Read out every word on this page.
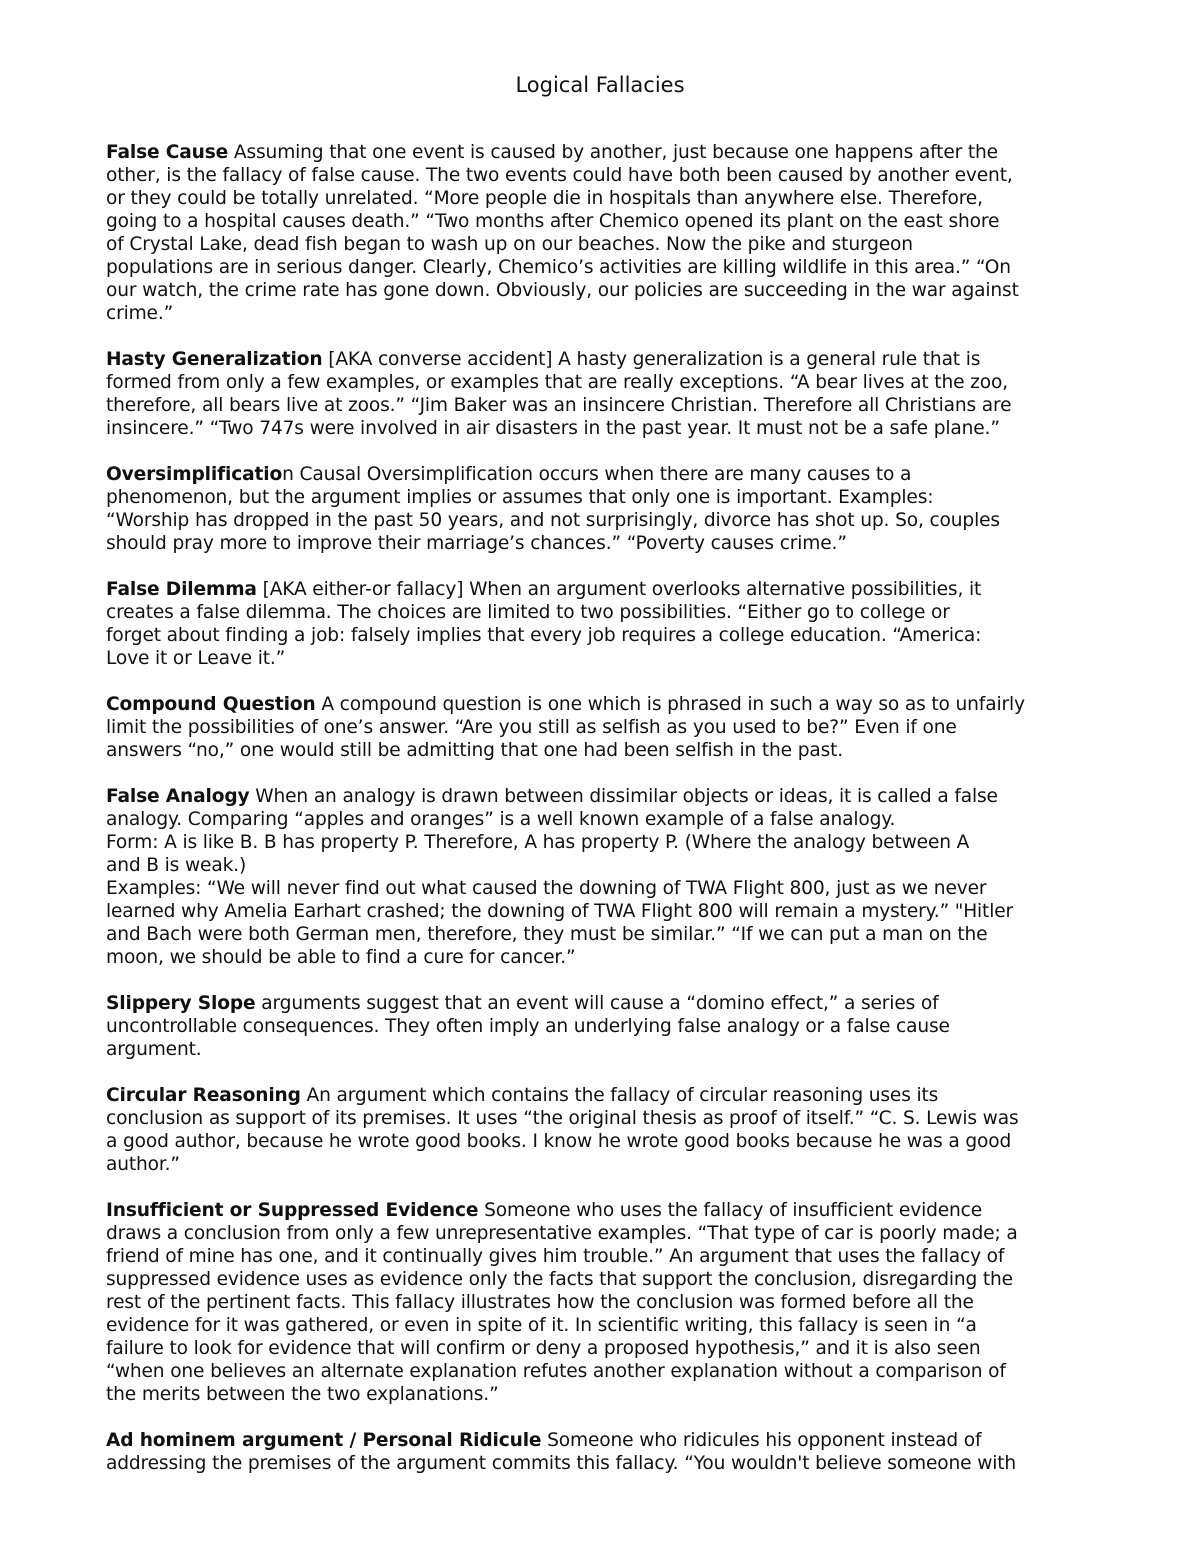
Logical Fallacies

False Cause Assuming that one event is caused by another, just because one happens after the
other, is the fallacy of false cause. The two events could have both been caused by another event,
or they could be totally unrelated. “More people die in hospitals than anywhere else. Therefore,
going to a hospital causes death.” “Two months after Chemico opened its plant on the east shore
of Crystal Lake, dead fish began to wash up on our beaches. Now the pike and sturgeon
populations are in serious danger. Clearly, Chemico’s activities are killing wildlife in this area.” “On
our watch, the crime rate has gone down. Obviously, our policies are succeeding in the war against
crime.”

Hasty Generalization [AKA converse accident] A hasty generalization is a general rule that is
formed from only a few examples, or examples that are really exceptions. “A bear lives at the zoo,
therefore, all bears live at zoos.” “Jim Baker was an insincere Christian. Therefore all Christians are
insincere.” “Two 747s were involved in air disasters in the past year. It must not be a safe plane.”

Oversimplification Causal Oversimplification occurs when there are many causes to a
phenomenon, but the argument implies or assumes that only one is important. Examples:
“Worship has dropped in the past 50 years, and not surprisingly, divorce has shot up. So, couples
should pray more to improve their marriage’s chances.” “Poverty causes crime.”

False Dilemma [AKA either-or fallacy] When an argument overlooks alternative possibilities, it
creates a false dilemma. The choices are limited to two possibilities. “Either go to college or
forget about finding a job: falsely implies that every job requires a college education. “America:
Love it or Leave it.”

Compound Question A compound question is one which is phrased in such a way so as to unfairly
limit the possibilities of one’s answer. “Are you still as selfish as you used to be?” Even if one
answers “no,” one would still be admitting that one had been selfish in the past.

False Analogy When an analogy is drawn between dissimilar objects or ideas, it is called a false
analogy. Comparing “apples and oranges” is a well known example of a false analogy.
Form: A is like B. B has property P. Therefore, A has property P. (Where the analogy between A
and B is weak.)
Examples: “We will never find out what caused the downing of TWA Flight 800, just as we never
learned why Amelia Earhart crashed; the downing of TWA Flight 800 will remain a mystery.” "Hitler
and Bach were both German men, therefore, they must be similar.” “If we can put a man on the
moon, we should be able to find a cure for cancer.”

Slippery Slope arguments suggest that an event will cause a “domino effect,” a series of
uncontrollable consequences. They often imply an underlying false analogy or a false cause
argument.

Circular Reasoning An argument which contains the fallacy of circular reasoning uses its
conclusion as support of its premises. It uses “the original thesis as proof of itself.” “C. S. Lewis was
a good author, because he wrote good books. I know he wrote good books because he was a good
author.”

Insufficient or Suppressed Evidence Someone who uses the fallacy of insufficient evidence
draws a conclusion from only a few unrepresentative examples. “That type of car is poorly made; a
friend of mine has one, and it continually gives him trouble.” An argument that uses the fallacy of
suppressed evidence uses as evidence only the facts that support the conclusion, disregarding the
rest of the pertinent facts. This fallacy illustrates how the conclusion was formed before all the
evidence for it was gathered, or even in spite of it. In scientific writing, this fallacy is seen in “a
failure to look for evidence that will confirm or deny a proposed hypothesis,” and it is also seen
“when one believes an alternate explanation refutes another explanation without a comparison of
the merits between the two explanations.”

Ad hominem argument / Personal Ridicule Someone who ridicules his opponent instead of
addressing the premises of the argument commits this fallacy. “You wouldn't believe someone with
